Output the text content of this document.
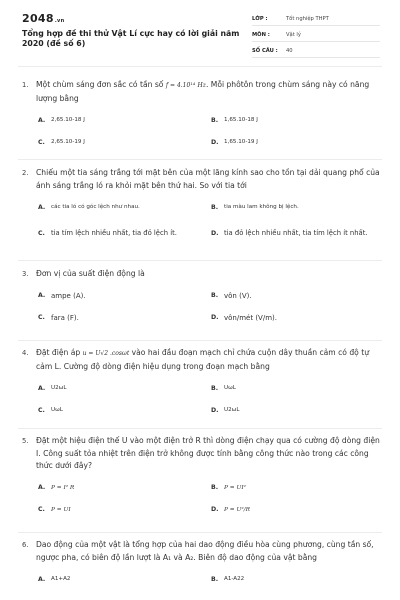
2048.vn
Tổng hợp đề thi thử Vật Lí cực hay có lời giải năm 2020 (đề số 6)
LỚP :	Tốt nghiệp THPT
MÔN :	Vật lý
SỐ CÂU :	40
1. Một chùm sáng đơn sắc có tần số f = 4.10¹⁴ Hz. Mỗi phôtôn trong chùm sáng này có năng lượng bằng
A.	2,65.10-18 J	B.	1,65.10-18 J
C.	2,65.10-19 J	D. 1,65.10-19 J
2. Chiếu một tia sáng trắng tới mặt bên của một lăng kính sao cho tồn tại dải quang phổ của ánh sáng trắng ló ra khỏi mặt bên thứ hai. So với tia tới
A.	các tia ló có góc lệch như nhau.	B.	tia màu lam không bị lệch.
C. tia tím lệch nhiều nhất, tia đỏ lệch ít.	D. tia đỏ lệch nhiều nhất, tia tím lệch ít nhất.
3. Đơn vị của suất điện động là
A. ampe (A).	B. vôn (V).
C. fara (F).	D. vôn/mét (V/m).
4. Đặt điện áp u = U√2 .cosωt vào hai đầu đoạn mạch chỉ chứa cuộn dây thuần cảm có độ tự cảm L. Cường độ dòng điện hiệu dụng trong đoạn mạch bằng
A.	U2ωL	B.	UωL
C.	UωL	D. U2ωL
5. Đặt một hiệu điện thế U vào một điện trở R thì dòng điện chạy qua có cường độ dòng điện I. Công suất tỏa nhiệt trên điện trở không được tính bằng công thức nào trong các công thức dưới đây?
A. P = I² R	B.	P = UI²
C.	P = UI	D. P = U²/R
6. Dao động của một vật là tổng hợp của hai dao động điều hòa cùng phương, cùng tần số, ngược pha, có biên độ lần lượt là A₁ và A₂. Biên độ dao động của vật bằng
A.	A1+A2	B.	A1-A22
